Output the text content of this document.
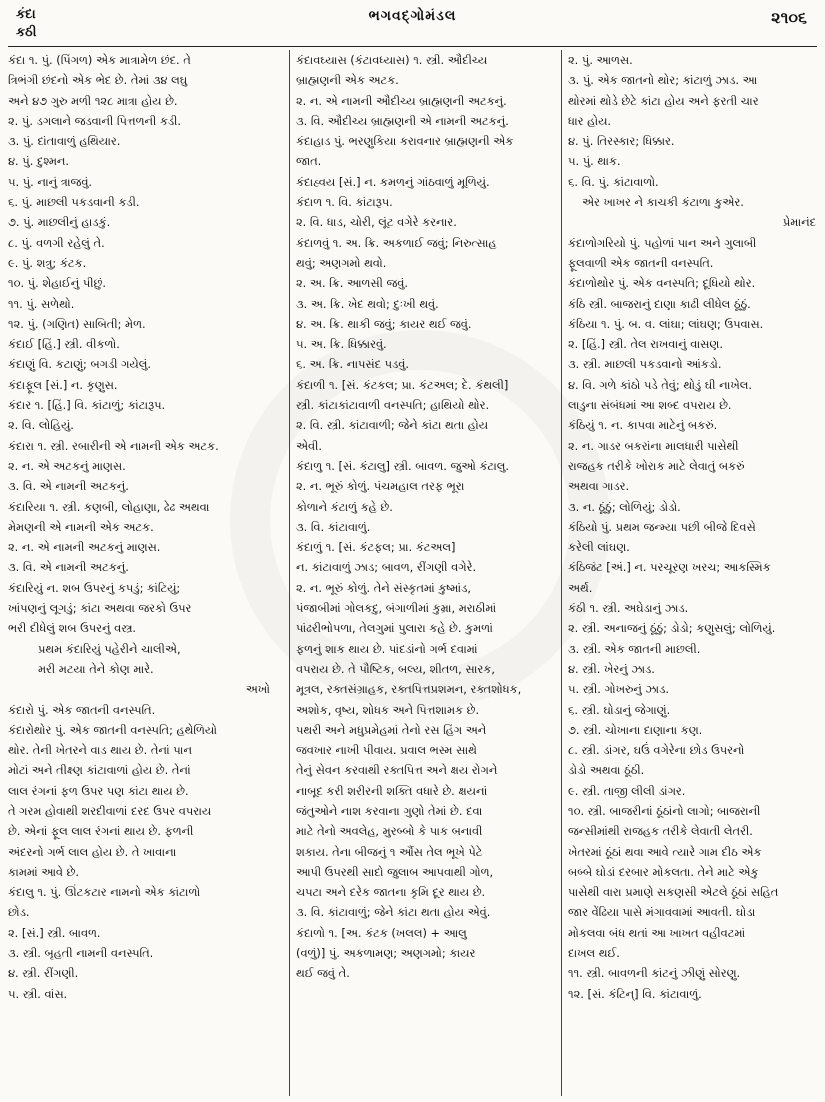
કંદા
કઠી
ભગવદ્ગોમંડલ	૨૧૦૬
કંદા ૧. પું. (પિંગળ) એક માત્રામેળ છંદ. તે
ત્રિભંગી છંદનો એક ભેદ છે. તેમાં ૩૪ લઘુ
અને ૪૭ ગુરુ મળી ૧૨૮ માત્રા હોય છે.
૨. પું. ડગલાને જડવાની પિત્તળની કડી.
૩. પું. દાંતાવાળું હથિયાર.
૪. પું. દુશ્મન.
૫. પું. નાનું ત્રાજવું.
૬. પું. માછલી પકડવાની કડી.
૭. પું. માછલીનું હાડકું.
૮. પું. વળગી રહેલું તે.
૯. પું. શત્રુ; કંટક.
૧૦. પું. શેહાઈનું પીછું.
૧૧. પું. સળેથો.
૧૨. પું. (ગણિત) સાબિતી; મેળ.
કંદાઈ [હિં.] સ્ત્રી. વીકળો.
કંદાણું વિ. કટાણું; બગડી ગયેલું.
કંદાફૂલ [સં.] ન. કૃણુસ.
કંદાર ૧. [હિં.] વિ. કાંટાળું; કાંટારૂપ.
૨. વિ. લોહિયું.
કંદારા ૧. સ્ત્રી. રબારીની એ નામની એક અટક.
૨. ન. એ અટકનું માણસ.
૩. વિ. એ નામની અટકનું.
કંદારિયા ૧. સ્ત્રી. કણબી, લોહાણા, ઢેઢ અથવા
મેમણની એ નામની એક અટક.
૨. ન. એ નામની અટકનું માણસ.
૩. વિ. એ નામની અટકનું.
કંદારિયું ન. શબ ઉપરનું કપડું; કાંટિયું;
ખાંપણનું લૂગડું; કાંટા અથવા જરકો ઉપર
ભરી દીધેલું શબ ઉપરનું વસ્ત્ર.
પ્રથમ કંદારિયું પહેરીને ચાલીએ,
મરી મટયા તેને કોણ મારે.
અખો
કંદારો પું. એક જાતની વનસ્પતિ.
કંદારોથોર પું. એક જાતની વનસ્પતિ; હથેળિયો
થોર. તેની ખેતરને વાડ થાય છે. તેનાં પાન
મોટાં અને તીક્ષ્ણ કાંટાવાળાં હોય છે. તેનાં
લાલ રંગનાં ફળ ઉપર પણ કાંટા થાય છે.
તે ગરમ હોવાથી શરદીવાળાં દરદ ઉપર વપરાય
છે. એનાં ફૂલ લાલ રંગનાં થાય છે. ફળની
અંદરનો ગર્ભ લાલ હોય છે. તે ખાવાના
કામમાં આવે છે.
કંદાલુ ૧. પું. ઊંટકટાર નામનો એક કાંટાળો
છોડ.
૨. [સં.] સ્ત્રી. બાવળ.
૩. સ્ત્રી. બૃહતી નામની વનસ્પતિ.
૪. સ્ત્રી. રીંગણી.
૫. સ્ત્રી. વાંસ.
કંદાવઘ્યાસ (કંટાવધ્યાસ) ૧. સ્ત્રી. ઔદીચ્ય
બ્રાહ્મણની એક અટક.
૨. ન. એ નામની ઔદીચ્ય બ્રાહ્મણની અટકનું.
૩. વિ. ઔદીચ્ય બ્રાહ્મણની એ નામની અટકનું.
કંદાહાડ પું. ભરણુકિયા કરાવનાર બ્રાહ્મણની એક
જાત.
કંદાહ્વય [સં.] ન. કમળનું ગાંઠવાળું મૂળિયું.
કંદાળ ૧. વિ. કાંટારૂપ.
૨. વિ. ધાડ, ચોરી, લૂંટ વગેરે કરનાર.
કંદાળવું ૧. અ. ક્રિ. અકળાઈ જવું; નિરુત્સાહ
થવું; અણગમો થવો.
૨. અ. ક્રિ. આળસી જવું.
૩. અ. ક્રિ. ખેદ થવો; દુઃખી થવું.
૪. અ. ક્રિ. થાકી જવું; કાયર થઈ જવું.
૫. અ. ક્રિ. ધિક્કારવું.
૬. અ. ક્રિ. નાપસંદ પડવું.
કંદાળી ૧. [સં. કંટકલ; પ્રા. કંટઅલ; દે. કંથલી]
સ્ત્રી. કાંટાકાંટાવાળી વનસ્પતિ; હાથિયો થોર.
૨. વિ. સ્ત્રી. કાંટાવાળી; જેને કાંટા થતા હોય
એવી.
કંદાળુ ૧. [સં. કંટાલુ] સ્ત્રી. બાવળ. જુઓ કંટાલુ.
૨. ન. ભૂરું કોળું. પંચમહાલ તરફ ભૂરા
કોળાને કંટાળું કહે છે.
૩. વિ. કાંટાવાળું.
કંદાળું ૧. [સં. કંટફલ; પ્રા. કંટઅલ]
ન. કાંટાવાળું ઝાડ; બાવળ, રીંગણી વગેરે.
૨. ન. ભૂરું કોળું. તેને સંસ્કૃતમાં કુષ્માંડ,
પંજાબીમાં ગોલકદુ, બંગાળીમાં કુમ્રા, મરાઠીમાં
પાંઢરીભોપળા, તેલગુમાં પુલારા કહે છે. કુમળાં
ફળનું શાક થાય છે. પાંદડાંનો ગર્ભ દવામાં
વપરાય છે. તે પૌષ્ટિક, બલ્ય, શીતળ, સારક,
મૂત્રલ, રક્તસંગ્રાહક, રક્તપિત્તપ્રશમન, રક્તશોધક,
અશોક, વૃષ્ય, શોધક અને પિત્તશામક છે.
પથરી અને મધુપ્રમેહમાં તેનો રસ હિંગ અને
જવખાર નાખી પીવાય. પ્રવાલ ભસ્મ સાથે
તેનું સેવન કરવાથી રક્તપિત્ત અને ક્ષય રોગને
નાબૂદ કરી શરીરની શક્તિ વધારે છે. ક્ષયનાં
જંતુઓને નાશ કરવાના ગુણો તેમાં છે. દવા
માટે તેનો અવલેહ, મુરબ્બો કે પાક બનાવી
શકાય. તેના બીજનું ૧ ઔંસ તેલ ભૂખે પેટે
આપી ઉપરથી સાદો જુલાબ આપવાથી ગોળ,
ચપટા અને દરેક જાતના કૃમિ દૂર થાય છે.
૩. વિ. કાંટાવાળું; જેને કાંટા થતા હોય એવું.
કંદાળો ૧. [અ. કંટક (ખલલ) + આલુ
(વ‍ળું)] પું. અકળામણ; અણગમો; કાયર
થઈ જવું તે.
૨. પું. આળસ.
૩. પું. એક જાતનો થોર; કાંટાળું ઝાડ. આ
થોરમાં થોડે છેટે કાંટા હોય અને ફરતી ચાર
ધાર હોય.
૪. પું. તિરસ્કાર; ધિક્કાર.
૫. પું. થાક.
૬. વિ. પું. કાંટાવાળો.
એર ખાખર ને કાચકી કંટાળા કુએર.
પ્રેમાનંદ
કંદાળોગરિયો પું. પહોળાં પાન અને ગુલાબી
ફૂલવાળી એક જાતની વનસ્પતિ.
કંદાળોથોર પું. એક વનસ્પતિ; દૂધિયો થોર.
કંઠિ સ્ત્રી. બાજરાનું દાણા કાઢી લીધેલ ઠૂંઠું.
કંઠિયા ૧. પું. બ. વ. લાંઘા; લાંઘણ; ઉપવાસ.
૨. [હિં.] સ્ત્રી. તેલ રાખવાનું વાસણ.
૩. સ્ત્રી. માછલી પકડવાનો આંકડો.
૪. વિ. ગળે કાંઠો પડે તેવું; થોડું ઘી નાખેલ.
લાડુના સંબંધમાં આ શબ્દ વપરાય છે.
કંઠિયું ૧. ન. કાપવા માટેનું બકરું.
૨. ન. ગાડર બકરાંના માલધારી પાસેથી
રાજહક તરીકે ખોરાક માટે લેવાતું બકરું
અથવા ગાડર.
૩. ન. ઠૂંઠું; લોળિયું; ડોડો.
કંઠિયો પું. પ્રથમ જન્મ્યા પછી બીજે દિવસે
કરેલી લાંઘણ.
કંઠિજંટ [અં.] ન. પરચૂરણ ખરચ; આકસ્મિક
અર્થ.
કંઠી ૧. સ્ત્રી. અઘેડાનું ઝાડ.
૨. સ્ત્રી. અનાજનું ઠૂંઠું; ડોડો; કણુસલું; લોળિયું.
૩. સ્ત્રી. એક જાતની માછલી.
૪. સ્ત્રી. ખેરનું ઝાડ.
૫. સ્ત્રી. ગોખરુનું ઝાડ.
૬. સ્ત્રી. ઘોડાનું જેગાણું.
૭. સ્ત્રી. ચોખાના દાણાના કણ.
૮. સ્ત્રી. ડાંગર, ઘઉં વગેરેના છોડ ઉપરનો
ડોડો અથવા ઠૂંઠી.
૯. સ્ત્રી. તાજી લીલી ડાંગર.
૧૦. સ્ત્રી. બાજરીનાં ઠૂંઠાંનો લાગો; બાજરાની
જન્સીમાંથી રાજહક તરીકે લેવાતી લેતરી.
ખેતરમાં ઠૂંઠાં થવા આવે ત્યારે ગામ દીઠ એક
બબ્બે ઘોડાં દરબાર મોકલતા. તેને માટે એકુ
પાસેથી વારા પ્રમાણે સકણસી એટલે ઠૂંઠાં સહિત
જાર વેંઢિયા પાસે મંગાવવામાં આવતી. ઘોડા
મોકલવા બંધ થતાં આ ખાખત વહીવટમાં
દાખલ થઈ.
૧૧. સ્ત્રી. બાવળની કાંટનું ઝીણું સોરણુ.
૧૨. [સં. કંટિન્] વિ. કાંટાવાળું.
